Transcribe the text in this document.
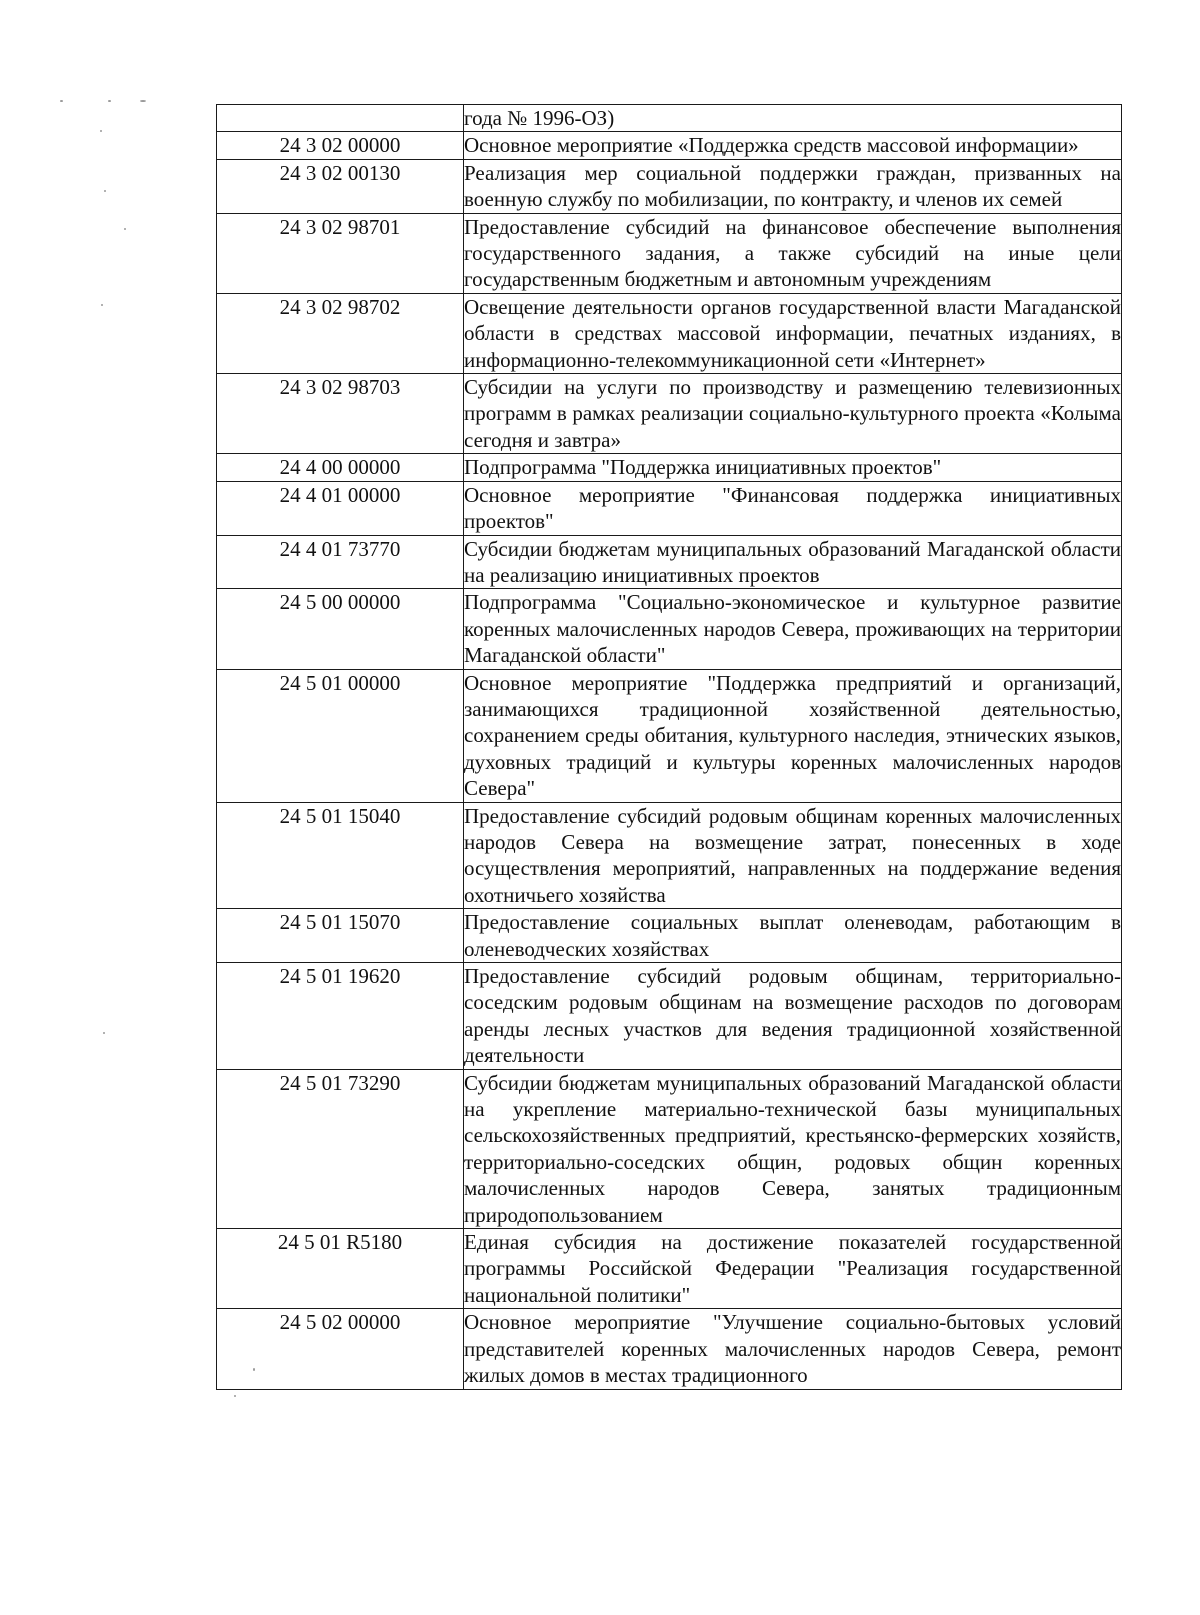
	года № 1996-ОЗ)
24 3 02 00000	Основное мероприятие «Поддержка средств массовой информации»
24 3 02 00130	Реализация мер социальной поддержки граждан, призванных на военную службу по мобилизации, по контракту, и членов их семей
24 3 02 98701	Предоставление субсидий на финансовое обеспечение выполнения государственного задания, а также субсидий на иные цели государственным бюджетным и автономным учреждениям
24 3 02 98702	Освещение деятельности органов государственной власти Магаданской области в средствах массовой информации, печатных изданиях, в информационно-телекоммуникационной сети «Интернет»
24 3 02 98703	Субсидии на услуги по производству и размещению телевизионных программ в рамках реализации социально-культурного проекта «Колыма сегодня и завтра»
24 4 00 00000	Подпрограмма "Поддержка инициативных проектов"
24 4 01 00000	Основное мероприятие "Финансовая поддержка инициативных проектов"
24 4 01 73770	Субсидии бюджетам муниципальных образований Магаданской области на реализацию инициативных проектов
24 5 00 00000	Подпрограмма "Социально-экономическое и культурное развитие коренных малочисленных народов Севера, проживающих на территории Магаданской области"
24 5 01 00000	Основное мероприятие "Поддержка предприятий и организаций, занимающихся традиционной хозяйственной деятельностью, сохранением среды обитания, культурного наследия, этнических языков, духовных традиций и культуры коренных малочисленных народов Севера"
24 5 01 15040	Предоставление субсидий родовым общинам коренных малочисленных народов Севера на возмещение затрат, понесенных в ходе осуществления мероприятий, направленных на поддержание ведения охотничьего хозяйства
24 5 01 15070	Предоставление социальных выплат оленеводам, работающим в оленеводческих хозяйствах
24 5 01 19620	Предоставление субсидий родовым общинам, территориально-соседским родовым общинам на возмещение расходов по договорам аренды лесных участков для ведения традиционной хозяйственной деятельности
24 5 01 73290	Субсидии бюджетам муниципальных образований Магаданской области на укрепление материально-технической базы муниципальных сельскохозяйственных предприятий, крестьянско-фермерских хозяйств, территориально-соседских общин, родовых общин коренных малочисленных народов Севера, занятых традиционным природопользованием
24 5 01 R5180	Единая субсидия на достижение показателей государственной программы Российской Федерации "Реализация государственной национальной политики"
24 5 02 00000	Основное мероприятие "Улучшение социально-бытовых условий представителей коренных малочисленных народов Севера, ремонт жилых домов в местах традиционного
